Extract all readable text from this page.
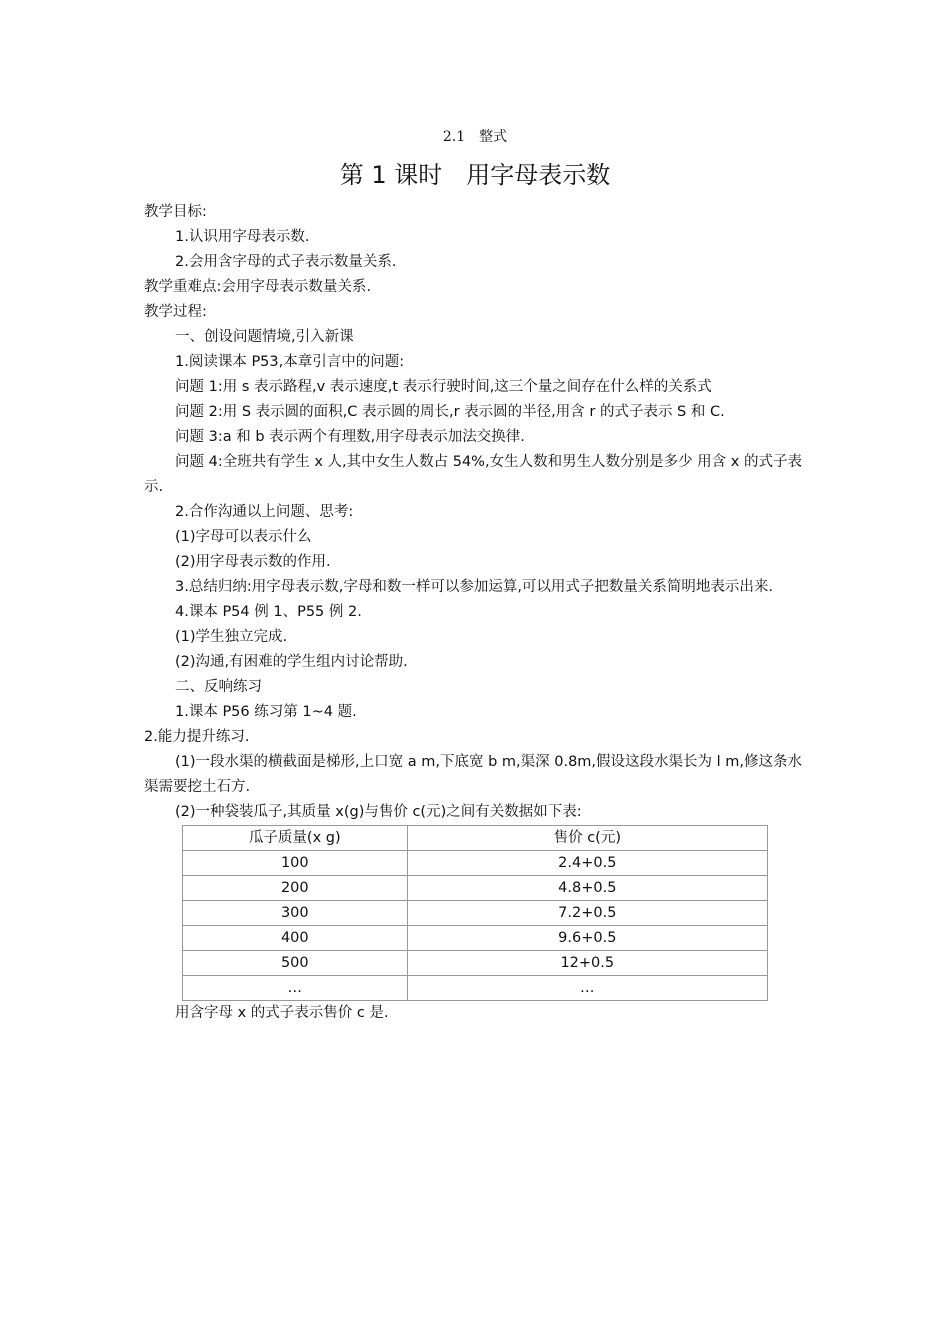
2.1　整式
第 1 课时　用字母表示数

教学目标:

1.认识用字母表示数.

2.会用含字母的式子表示数量关系.

教学重难点:会用字母表示数量关系.

教学过程:

一、创设问题情境,引入新课

1.阅读课本 P53,本章引言中的问题:

问题 1:用 s 表示路程,v 表示速度,t 表示行驶时间,这三个量之间存在什么样的关系式

问题 2:用 S 表示圆的面积,C 表示圆的周长,r 表示圆的半径,用含 r 的式子表示 S 和 C.

问题 3:a 和 b 表示两个有理数,用字母表示加法交换律.

问题 4:全班共有学生 x 人,其中女生人数占 54%,女生人数和男生人数分别是多少 用含 x 的式子表示.

2.合作沟通以上问题、思考:

(1)字母可以表示什么

(2)用字母表示数的作用.

3.总结归纳:用字母表示数,字母和数一样可以参加运算,可以用式子把数量关系简明地表示出来.

4.课本 P54 例 1、P55 例 2.

(1)学生独立完成.

(2)沟通,有困难的学生组内讨论帮助.

二、反响练习

1.课本 P56 练习第 1~4 题.

2.能力提升练习.

(1)一段水渠的横截面是梯形,上口宽 a m,下底宽 b m,渠深 0.8m,假设这段水渠长为 l m,修这条水渠需要挖土石方.

(2)一种袋装瓜子,其质量 x(g)与售价 c(元)之间有关数据如下表:

瓜子质量(x g)	售价 c(元)
100	2.4+0.5
200	4.8+0.5
300	7.2+0.5
400	9.6+0.5
500	12+0.5
…	…

用含字母 x 的式子表示售价 c 是.
